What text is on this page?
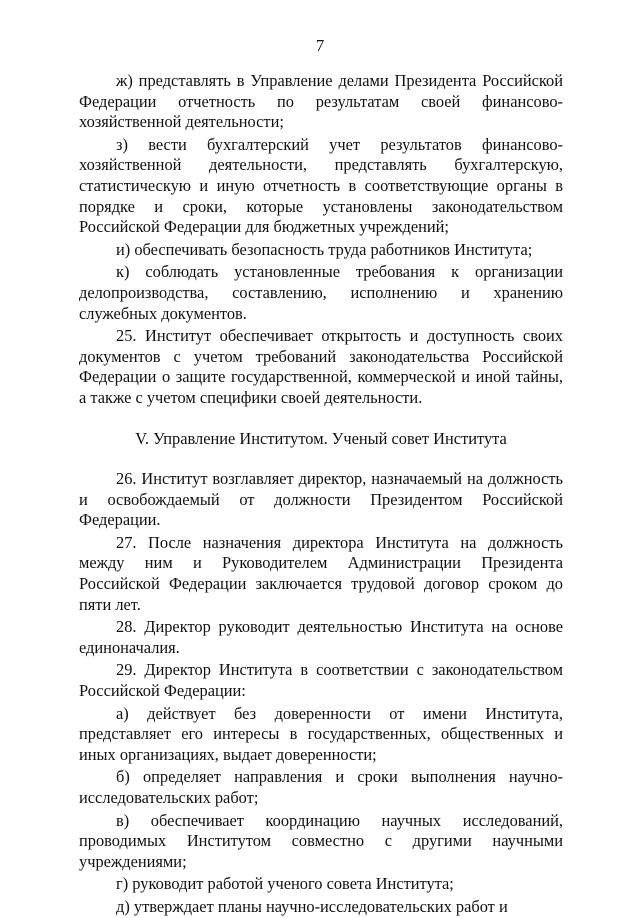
7

ж) представлять в Управление делами Президента Российской Федерации отчетность по результатам своей финансово-хозяйственной деятельности;

з) вести бухгалтерский учет результатов финансово-хозяйственной деятельности, представлять бухгалтерскую, статистическую и иную отчетность в соответствующие органы в порядке и сроки, которые установлены законодательством Российской Федерации для бюджетных учреждений;

и) обеспечивать безопасность труда работников Института;

к) соблюдать установленные требования к организации делопроизводства, составлению, исполнению и хранению служебных документов.

25. Институт обеспечивает открытость и доступность своих документов с учетом требований законодательства Российской Федерации о защите государственной, коммерческой и иной тайны, а также с учетом специфики своей деятельности.

V. Управление Институтом. Ученый совет Института

26. Институт возглавляет директор, назначаемый на должность и освобождаемый от должности Президентом Российской Федерации.

27. После назначения директора Института на должность между ним и Руководителем Администрации Президента Российской Федерации заключается трудовой договор сроком до пяти лет.

28. Директор руководит деятельностью Института на основе единоначалия.

29. Директор Института в соответствии с законодательством Российской Федерации:

а) действует без доверенности от имени Института, представляет его интересы в государственных, общественных и иных организациях, выдает доверенности;

б) определяет направления и сроки выполнения научно-исследовательских работ;

в) обеспечивает координацию научных исследований, проводимых Институтом совместно с другими научными учреждениями;

г) руководит работой ученого совета Института;

д) утверждает планы научно-исследовательских работ и
